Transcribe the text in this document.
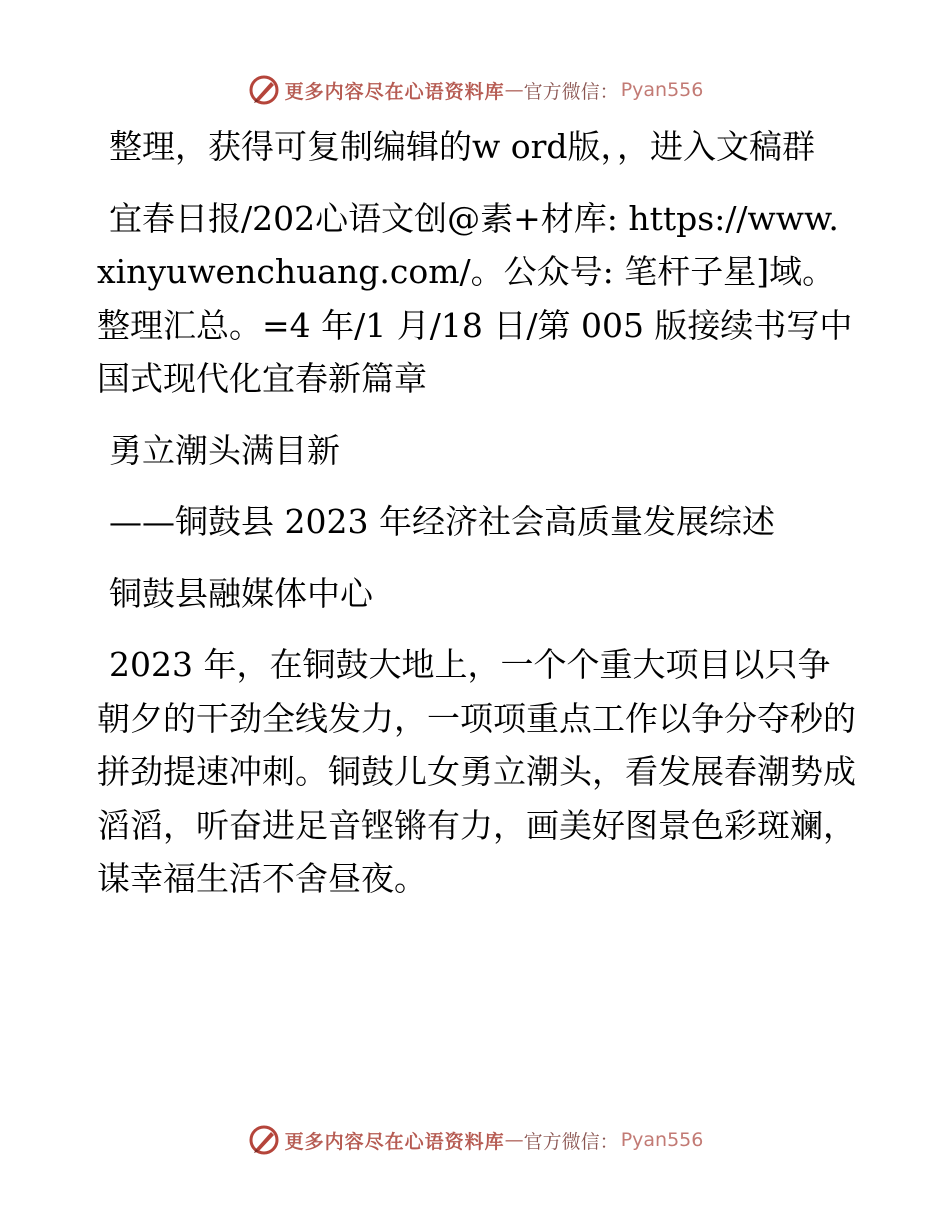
更多内容尽在心语资料库 — 官方微信： Pyan556

整理，获得可复制编辑的w ord版，，进入文稿群

宜春日报/202心语文创@素+材库: https://www.xinyuwenchuang.com/。公众号: 笔杆子星]域。整理汇总。=4 年/1 月/18 日/第 005 版接续书写中国式现代化宜春新篇章

勇立潮头满目新

——铜鼓县 2023 年经济社会高质量发展综述

铜鼓县融媒体中心

2023 年，在铜鼓大地上，一个个重大项目以只争朝夕的干劲全线发力，一项项重点工作以争分夺秒的拼劲提速冲刺。铜鼓儿女勇立潮头，看发展春潮势成滔滔，听奋进足音铿锵有力，画美好图景色彩斑斓，谋幸福生活不舍昼夜。

更多内容尽在心语资料库 — 官方微信： Pyan556
